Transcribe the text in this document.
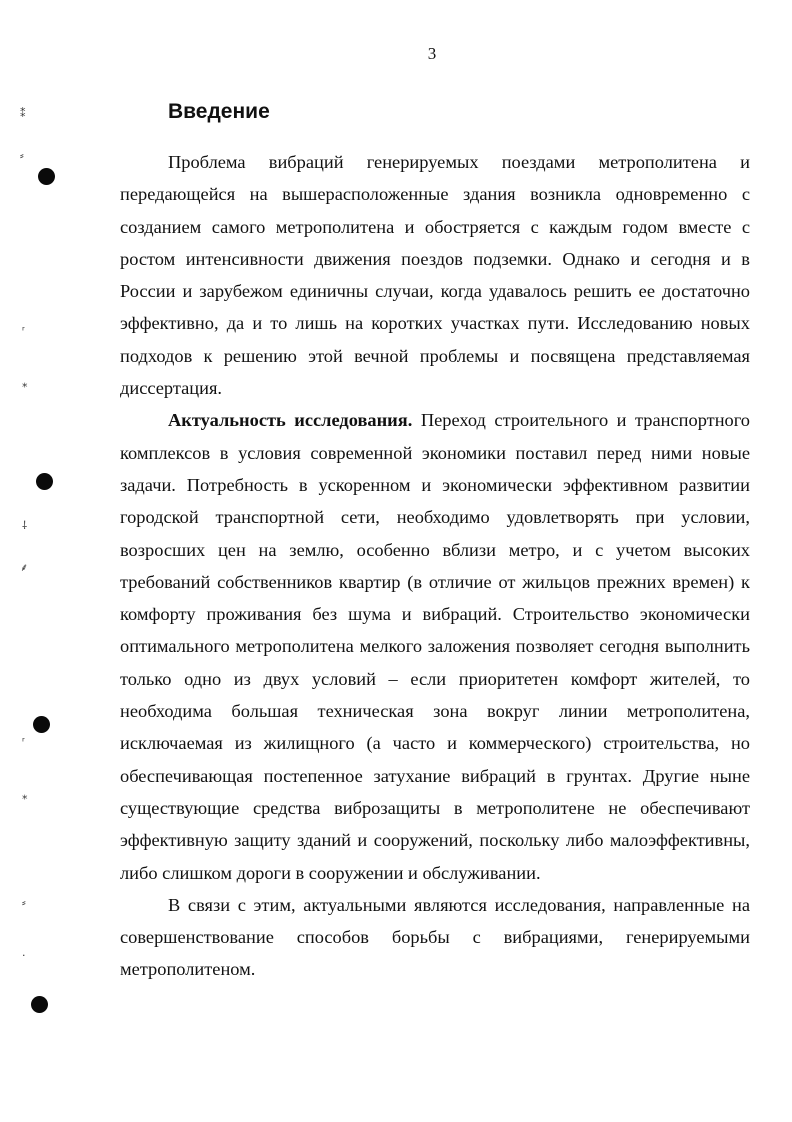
3
Введение

Проблема вибраций генерируемых поездами метрополитена и передающейся на вышерасположенные здания возникла одновременно с созданием самого метрополитена и обостряется с каждым годом вместе с ростом интенсивности движения поездов подземки. Однако и сегодня и в России и зарубежом единичны случаи, когда удавалось решить ее достаточно эффективно, да и то лишь на коротких участках пути. Исследованию новых подходов к решению этой вечной проблемы и посвящена представляемая диссертация.

Актуальность исследования. Переход строительного и транспортного комплексов в условия современной экономики поставил перед ними новые задачи. Потребность в ускоренном и экономически эффективном развитии городской транспортной сети, необходимо удовлетворять при условии, возросших цен на землю, особенно вблизи метро, и с учетом высоких требований собственников квартир (в отличие от жильцов прежних времен) к комфорту проживания без шума и вибраций. Строительство экономически оптимального метрополитена мелкого заложения позволяет сегодня выполнить только одно из двух условий – если приоритетен комфорт жителей, то необходима большая техническая зона вокруг линии метрополитена, исключаемая из жилищного (а часто и коммерческого) строительства, но обеспечивающая постепенное затухание вибраций в грунтах. Другие ныне существующие средства виброзащиты в метрополитене не обеспечивают эффективную защиту зданий и сооружений, поскольку либо малоэффективны, либо слишком дороги в сооружении и обслуживании.

В связи с этим, актуальными являются исследования, направленные на совершенствование способов борьбы с вибрациями, генерируемыми метрополитеном.

⁑
⸗
ʳ
⁎
⸸
⸙
ʳ
⁎
⸗
·
